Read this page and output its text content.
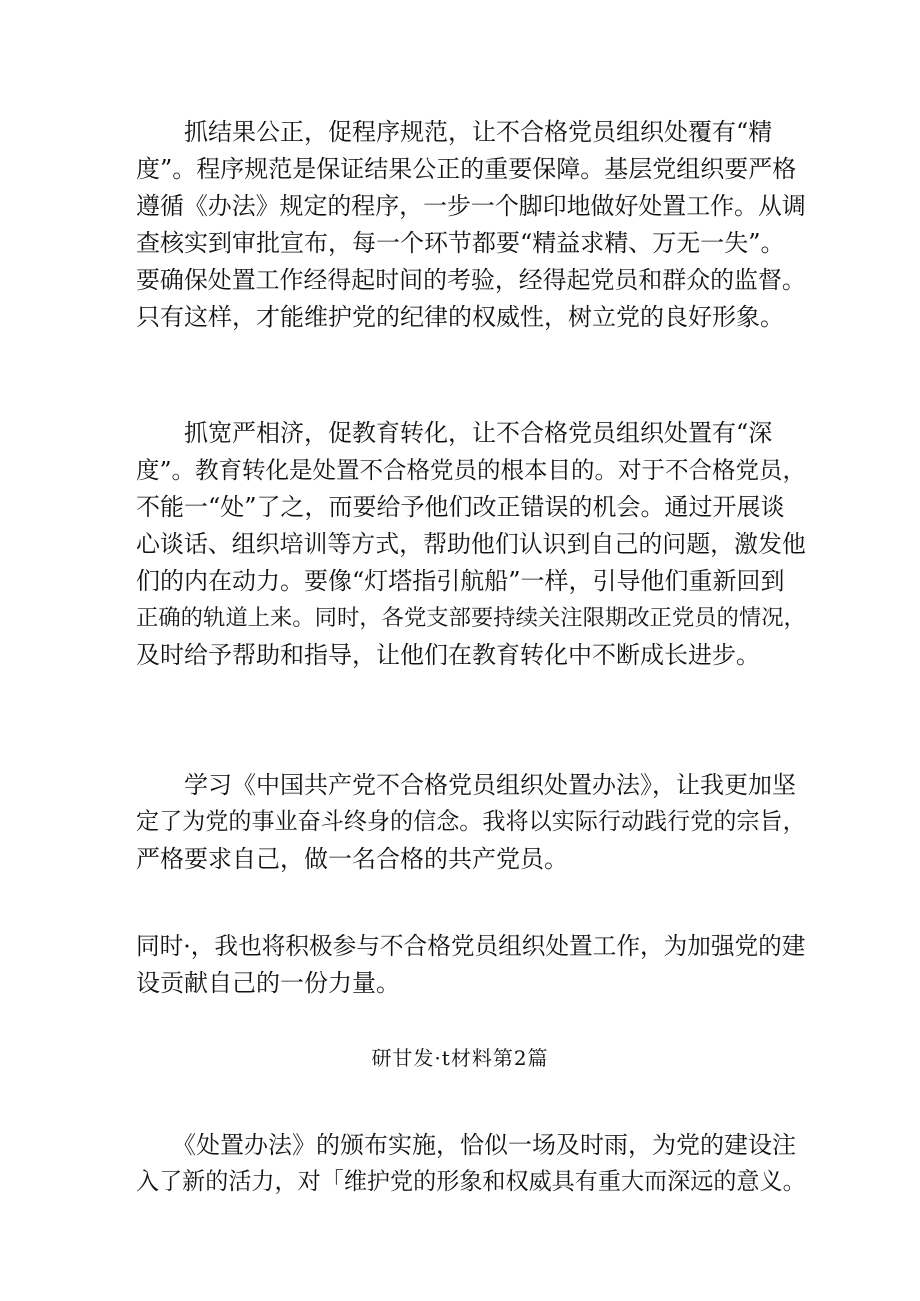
　　抓结果公正，促程序规范，让不合格党员组织处覆有“精
度”。程序规范是保证结果公正的重要保障。基层党组织要严格
遵循《办法》规定的程序，一步一个脚印地做好处置工作。从调
查核实到审批宣布，每一个环节都要“精益求精、万无一失”。
要确保处置工作经得起时间的考验，经得起党员和群众的监督。
只有这样，才能维护党的纪律的权威性，树立党的良好形象。
　　抓宽严相济，促教育转化，让不合格党员组织处置有“深
度”。教育转化是处置不合格党员的根本目的。对于不合格党员，
不能一“处”了之，而要给予他们改正错误的机会。通过开展谈
心谈话、组织培训等方式，帮助他们认识到自己的问题，激发他
们的内在动力。要像“灯塔指引航船”一样，引导他们重新回到
正确的轨道上来。同时，各党支部要持续关注限期改正党员的情况，
及时给予帮助和指导，让他们在教育转化中不断成长进步。
　　学习《中国共产党不合格党员组织处置办法》，让我更加坚
定了为党的事业奋斗终身的信念。我将以实际行动践行党的宗旨，
严格要求自己，做一名合格的共产党员。
同时·，我也将积极参与不合格党员组织处置工作，为加强党的建
设贡献自己的一份力量。
研甘发·t材料第2篇
　　《处置办法》的颁布实施，恰似一场及时雨，为党的建设注
入了新的活力，对「维护党的形象和权威具有重大而深远的意义。
